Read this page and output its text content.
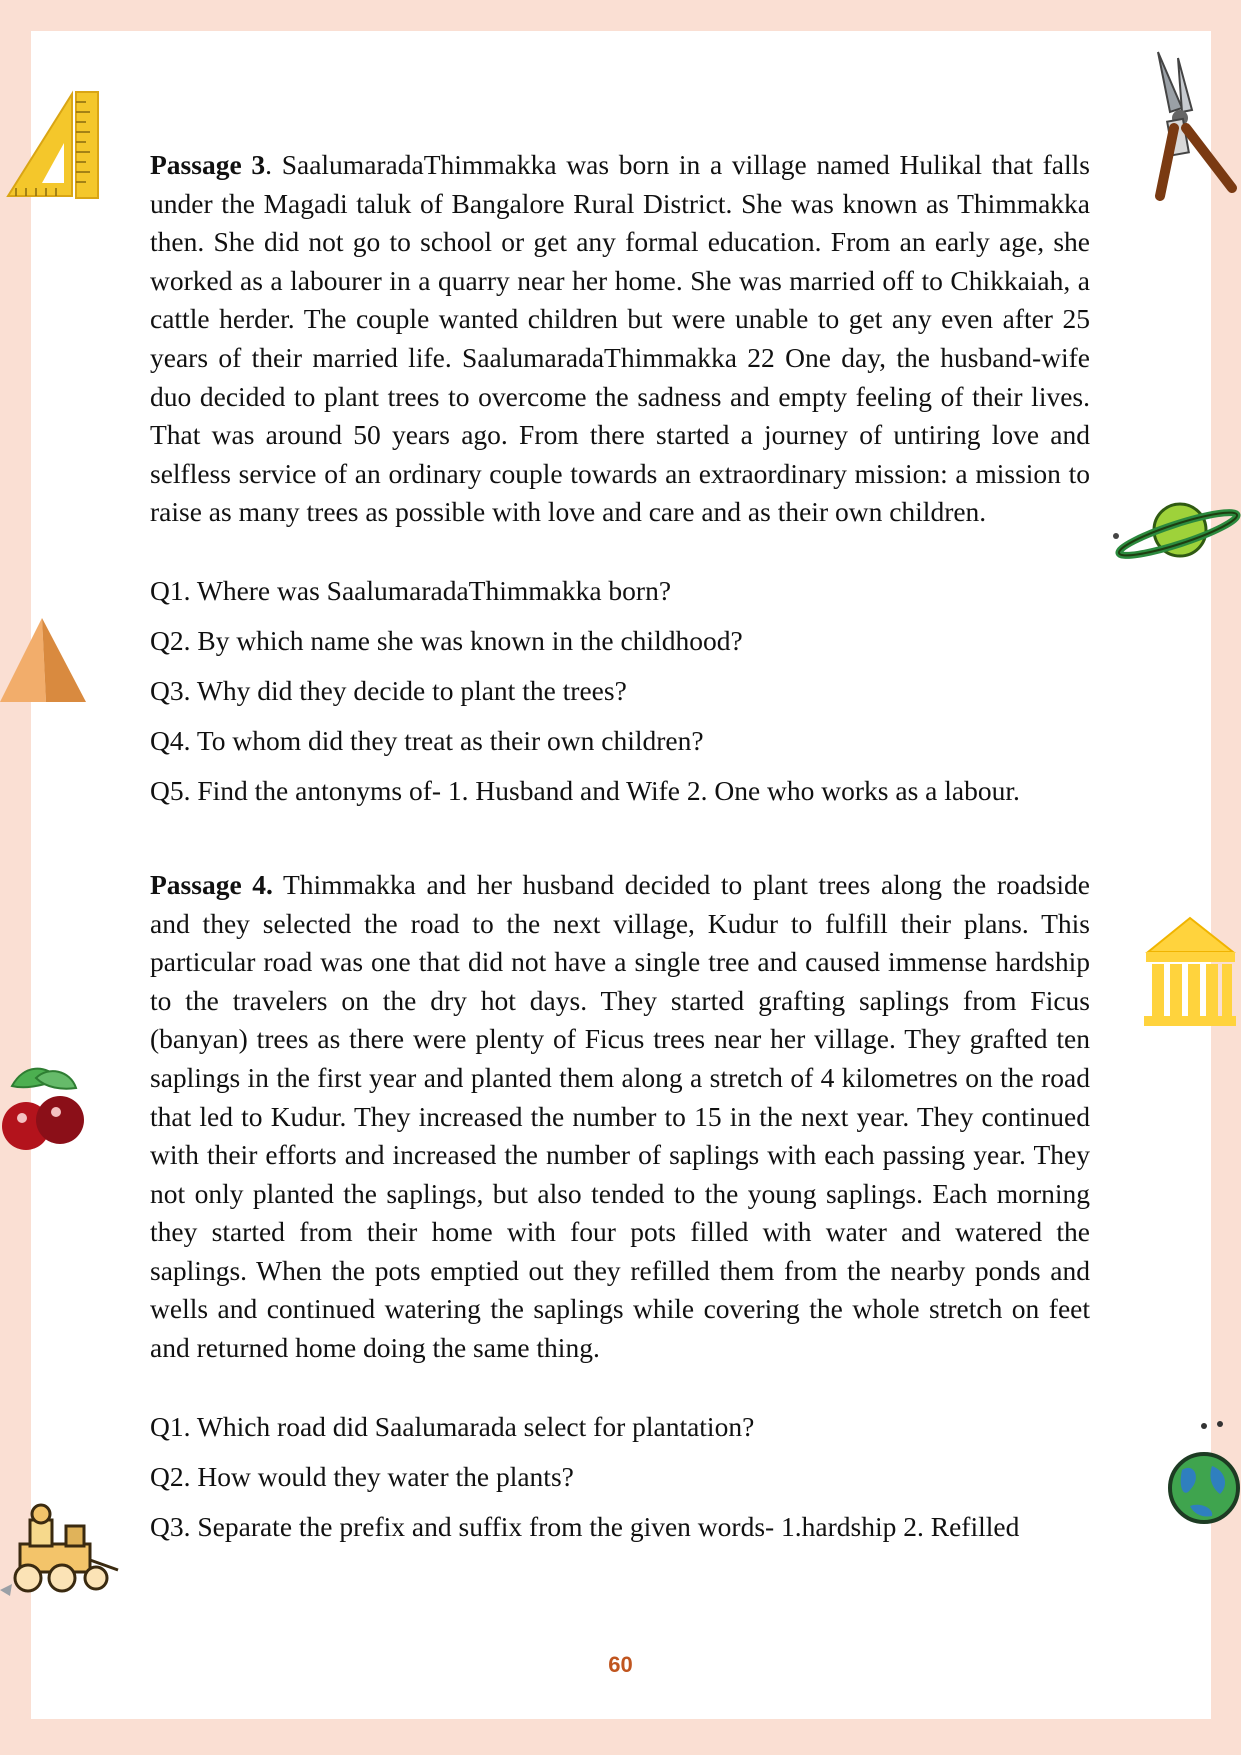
Passage 3. SaalumaradaThimmakka was born in a village named Hulikal that falls under the Magadi taluk of Bangalore Rural District. She was known as Thimmakka then. She did not go to school or get any formal education. From an early age, she worked as a labourer in a quarry near her home. She was married off to Chikkaiah, a cattle herder. The couple wanted children but were unable to get any even after 25 years of their married life. SaalumaradaThimmakka 22 One day, the husband-wife duo decided to plant trees to overcome the sadness and empty feeling of their lives. That was around 50 years ago. From there started a journey of untiring love and selfless service of an ordinary couple towards an extraordinary mission: a mission to raise as many trees as possible with love and care and as their own children.

Q1. Where was SaalumaradaThimmakka born?
Q2. By which name she was known in the childhood?
Q3. Why did they decide to plant the trees?
Q4. To whom did they treat as their own children?
Q5. Find the antonyms of- 1. Husband and Wife 2. One who works as a labour.

Passage 4. Thimmakka and her husband decided to plant trees along the roadside and they selected the road to the next village, Kudur to fulfill their plans. This particular road was one that did not have a single tree and caused immense hardship to the travelers on the dry hot days. They started grafting saplings from Ficus (banyan) trees as there were plenty of Ficus trees near her village. They grafted ten saplings in the first year and planted them along a stretch of 4 kilometres on the road that led to Kudur. They increased the number to 15 in the next year. They continued with their efforts and increased the number of saplings with each passing year. They not only planted the saplings, but also tended to the young saplings. Each morning they started from their home with four pots filled with water and watered the saplings. When the pots emptied out they refilled them from the nearby ponds and wells and continued watering the saplings while covering the whole stretch on feet and returned home doing the same thing.

Q1. Which road did Saalumarada select for plantation?
Q2. How would they water the plants?
Q3. Separate the prefix and suffix from the given words- 1.hardship 2. Refilled
60
